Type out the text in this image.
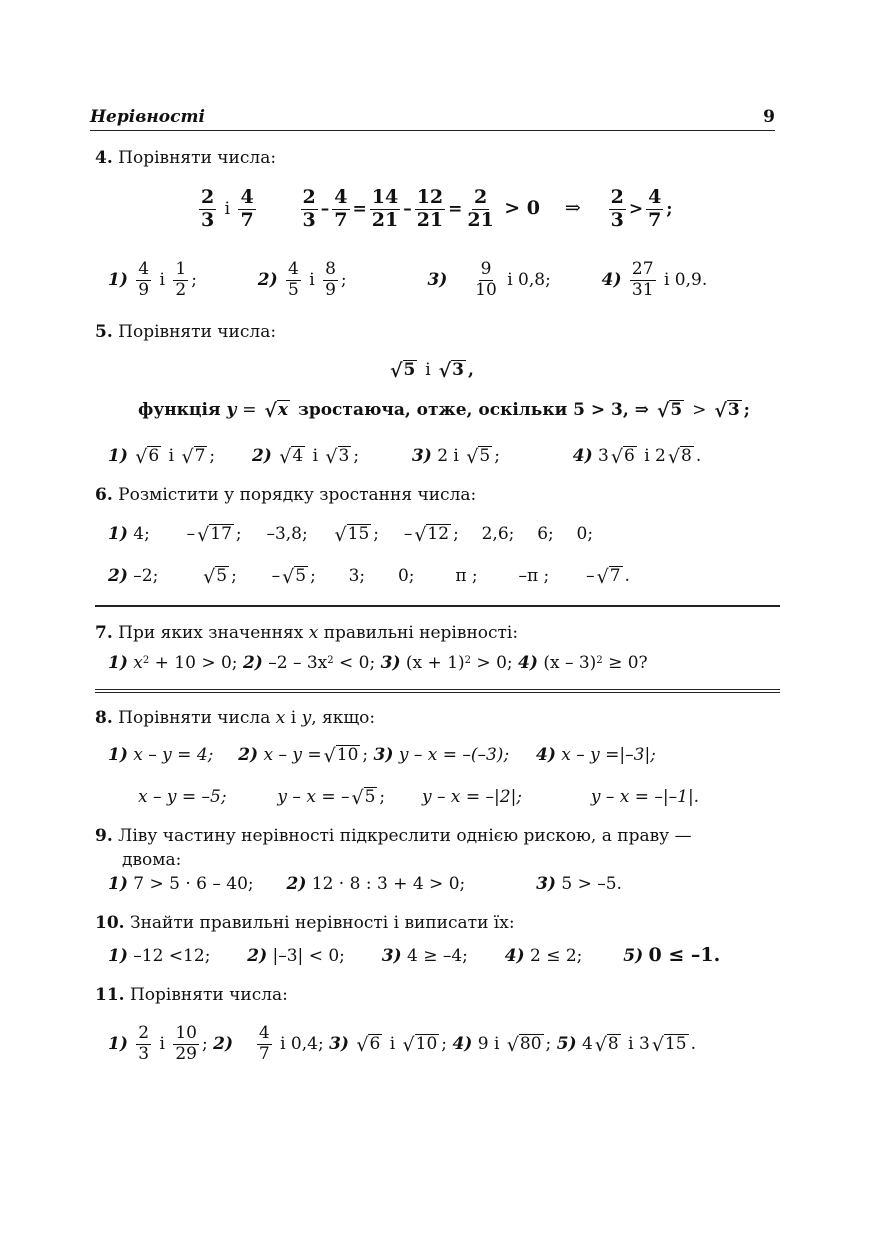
Нерівності	9
4. Порівняти числа:
$\frac{2}{3}$ і $\frac{4}{7}$
$\frac{2}{3} - \frac{4}{7} = \frac{14}{21} - \frac{12}{21} = \frac{2}{21} > 0$ ⇒ $\frac{2}{3} > \frac{4}{7}$ ;
$1) \frac{4}{9}$ і $\frac{1}{2}$ ;	$2) \frac{4}{5}$ і $\frac{8}{9}$ ;	$3) \frac{9}{10}$ і 0,8;	$4) \frac{27}{31}$ і 0,9.
5. Порівняти числа:
√ 5 і √ 3 ,
функція y = √ x зростаюча, отже, оскільки 5 > 3, ⇒ √ 5 > √ 3 ;
1) √ 6 і √ 7 ; 2) √ 4 і √ 3 ;	3) 2 і √ 5 ;	4) 3 √ 6 і 2 √ 8 .
6. Розмістити у порядку зростання числа:
1) 4; – √ 17 ; –3,8; √ 15 ; – √ 12 ; 2,6; 6; 0;
2) –2; √ 5 ; – √ 5 ; 3; 0; π ; –π ; – √ 7 .
7. При яких значеннях x правильні нерівності:
1) $x^2 + 10 > 0$; 2) $-2 - 3x^2 < 0$; 3) $(x + 1)^2 > 0$; 4) (x – 3)$^2$ ≥ 0?
8. Порівняти числа x і y, якщо:
1) x – y = 4; 2) x – y = √ 10 ; 3) y – x = –(–3); 4) x – y =|–3|;
x – y = –5;	y – x = – √ 5 ; y – x = –|2|;	y – x = –|–1|.
9. Ліву частину нерівності підкреслити однією рискою, а праву —
двома:
1) 7 > 5 · 6 – 40; 2) 12 · 8 : 3 + 4 > 0;	3) 5 > –5.
10. Знайти правильні нерівності і виписати їх:
1) –12 <12; 2) |–3| < 0; 3) 4 ≥ –4; 4) 2 ≤ 2; 5) 0 ≤ –1.
11. Порівняти числа:
$1) \frac{2}{3}$ і $\frac{10}{29}$ ; $2) \frac{4}{7}$ і 0,4; 3) √ 6 і √ 10 ; 4) 9 і √ 80 ; 5) 4 √ 8 і 3 √ 15 .
